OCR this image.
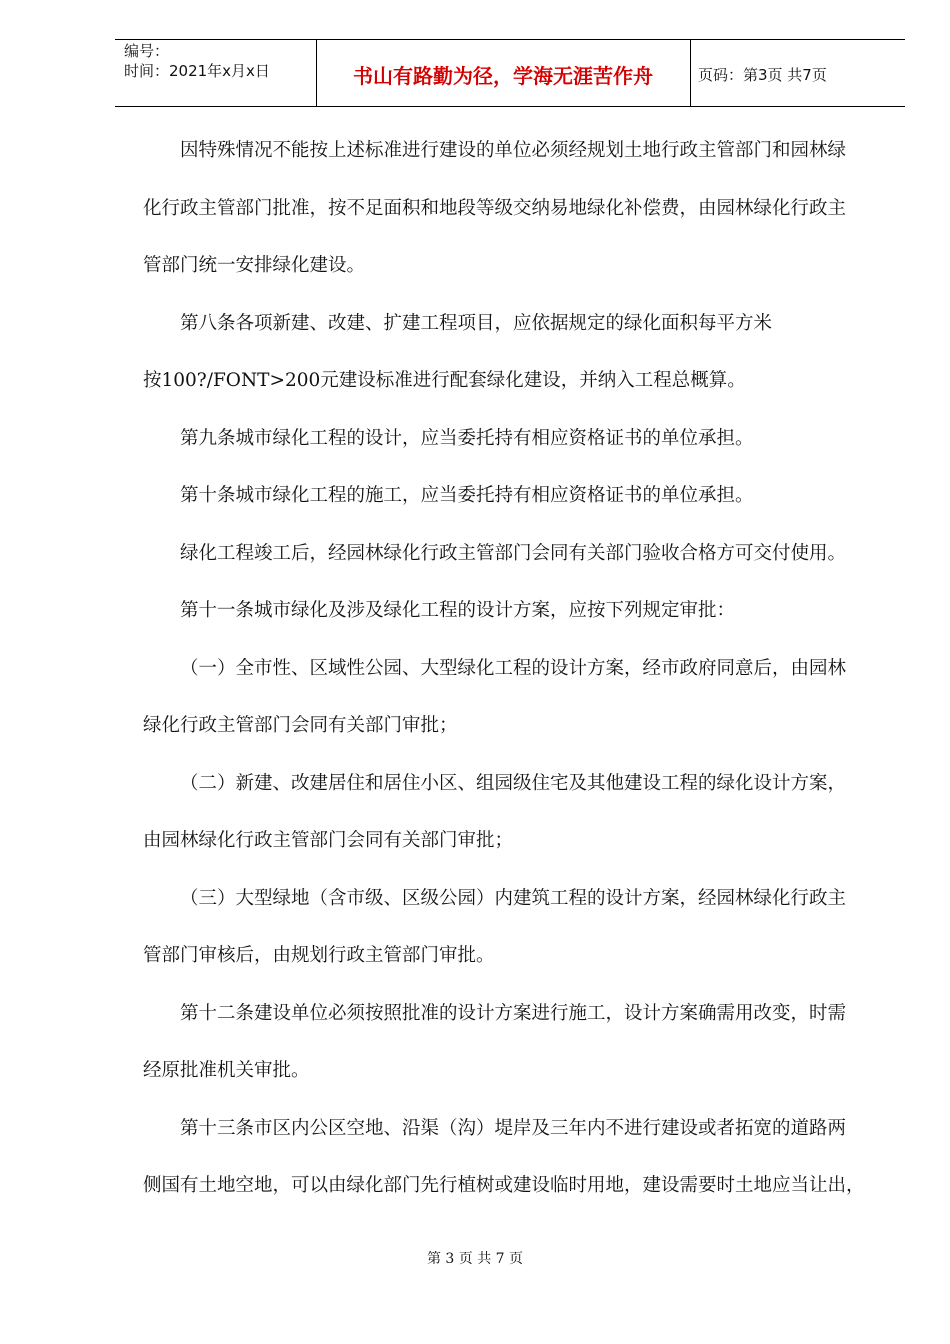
编号：
时间：2021年x月x日	书山有路勤为径，学海无涯苦作舟	页码：第3页 共7页
因特殊情况不能按上述标准进行建设的单位必须经规划土地行政主管部门和园林绿
化行政主管部门批准，按不足面积和地段等级交纳易地绿化补偿费，由园林绿化行政主
管部门统一安排绿化建设。
第八条各项新建、改建、扩建工程项目，应依据规定的绿化面积每平方米
按100?/FONT>200元建设标准进行配套绿化建设，并纳入工程总概算。
第九条城市绿化工程的设计，应当委托持有相应资格证书的单位承担。
第十条城市绿化工程的施工，应当委托持有相应资格证书的单位承担。
绿化工程竣工后，经园林绿化行政主管部门会同有关部门验收合格方可交付使用。
第十一条城市绿化及涉及绿化工程的设计方案，应按下列规定审批：
（一）全市性、区域性公园、大型绿化工程的设计方案，经市政府同意后，由园林
绿化行政主管部门会同有关部门审批；
（二）新建、改建居住和居住小区、组园级住宅及其他建设工程的绿化设计方案，
由园林绿化行政主管部门会同有关部门审批；
（三）大型绿地（含市级、区级公园）内建筑工程的设计方案，经园林绿化行政主
管部门审核后，由规划行政主管部门审批。
第十二条建设单位必须按照批准的设计方案进行施工，设计方案确需用改变，时需
经原批准机关审批。
第十三条市区内公区空地、沿渠（沟）堤岸及三年内不进行建设或者拓宽的道路两
侧国有土地空地，可以由绿化部门先行植树或建设临时用地，建设需要时土地应当让出，
第 3 页 共 7 页
